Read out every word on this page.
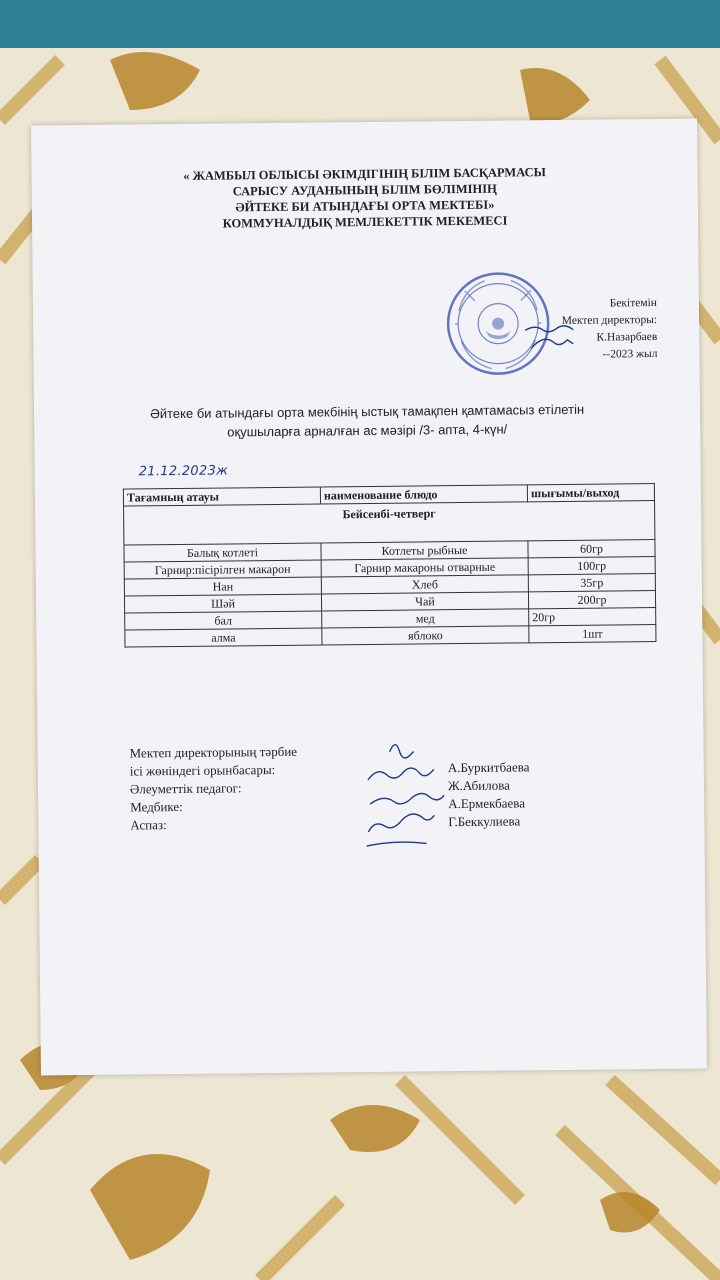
« ЖАМБЫЛ ОБЛЫСЫ ӘКІМДІГІНІҢ БІЛІМ БАСҚАРМАСЫ
САРЫСУ АУДАНЫНЫҢ БІЛІМ БӨЛІМІНІҢ
ӘЙТЕКЕ БИ АТЫНДАҒЫ ОРТА МЕКТЕБІ»
КОММУНАЛДЫҚ МЕМЛЕКЕТТІК МЕКЕМЕСІ
Бекітемін
Мектеп директоры:
К.Назарбаев
--2023 жыл
Әйтеке би атындағы орта мекбінің ыстық тамақпен қамтамасыз етілетін
оқушыларға арналған ас мәзірі /3- апта, 4-күн/
21.12.2023ж
Тағамның атауы	наименование блюдо	шығымы/выход
Бейсенбі-четверг		
Балық котлеті	Котлеты рыбные	60гр
Гарнир:пісірілген макарон	Гарнир макароны отварные	100гр
Нан	Хлеб	35гр
Шәй	Чай	200гр
бал	мед	20гр
алма	яблоко	1шт
Мектеп директорының тәрбие
ісі жөніндегі орынбасары:	А.Буркитбаева
Әлеуметтік педагог:	Ж.Абилова
Медбике:	А.Ермекбаева
Аспаз:	Г.Беккулиева
